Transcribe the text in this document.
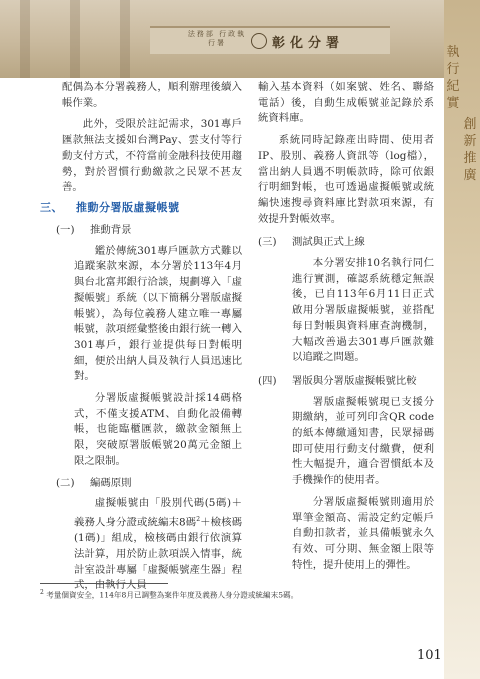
法務部 行政執行署	彰化分署
執行紀實
創新推廣

配偶為本分署義務人，順利辦理後續入帳作業。

此外，受限於註記需求，301專戶匯款無法支援如台灣Pay、雲支付等行動支付方式，不符當前金融科技使用趨勢，對於習慣行動繳款之民眾不甚友善。

三、 推動分署版虛擬帳號

(一) 推動背景

鑑於傳統301專戶匯款方式難以追蹤案款來源，本分署於113年4月與台北富邦銀行洽談，規劃導入「虛擬帳號」系統（以下簡稱分署版虛擬帳號），為每位義務人建立唯一專屬帳號，款項經彙整後由銀行統一轉入301專戶，銀行並提供每日對帳明細，便於出納人員及執行人員迅速比對。

分署版虛擬帳號設計採14碼格式，不僅支援ATM、自動化設備轉帳，也能臨櫃匯款，繳款金額無上限，突破原署版帳號20萬元金額上限之限制。

(二) 編碼原則

虛擬帳號由「股別代碼(5碼)＋義務人身分證或統編末8碼$^2$＋檢核碼(1碼)」組成，檢核碼由銀行依演算法計算，用於防止款項誤入情事，統計室設計專屬「虛擬帳號產生器」程式，由執行人員

輸入基本資料（如案號、姓名、聯絡電話）後，自動生成帳號並記錄於系統資料庫。

系統同時記錄產出時間、使用者IP、股別、義務人資訊等（log檔），當出納人員遇不明帳款時，除可依銀行明細對帳，也可透過虛擬帳號或統編快速搜尋資料庫比對款項來源，有效提升對帳效率。

(三) 測試與正式上線

本分署安排10名執行同仁進行實測，確認系統穩定無誤後，已自113年6月11日正式啟用分署版虛擬帳號，並搭配每日對帳與資料庫查詢機制，大幅改善過去301專戶匯款難以追蹤之問題。

(四) 署版與分署版虛擬帳號比較

署版虛擬帳號現已支援分期繳納，並可列印含QR code的紙本傳繳通知書，民眾掃碼即可使用行動支付繳費，便利性大幅提升，適合習慣紙本及手機操作的使用者。

分署版虛擬帳號則適用於單筆金額高、需設定約定帳戶自動扣款者，並具備帳號永久有效、可分期、無金額上限等特性，提升使用上的彈性。

$^2$ 考量個資安全，114年8月已調整為案件年度及義務人身分證或統編末5碼。
101
